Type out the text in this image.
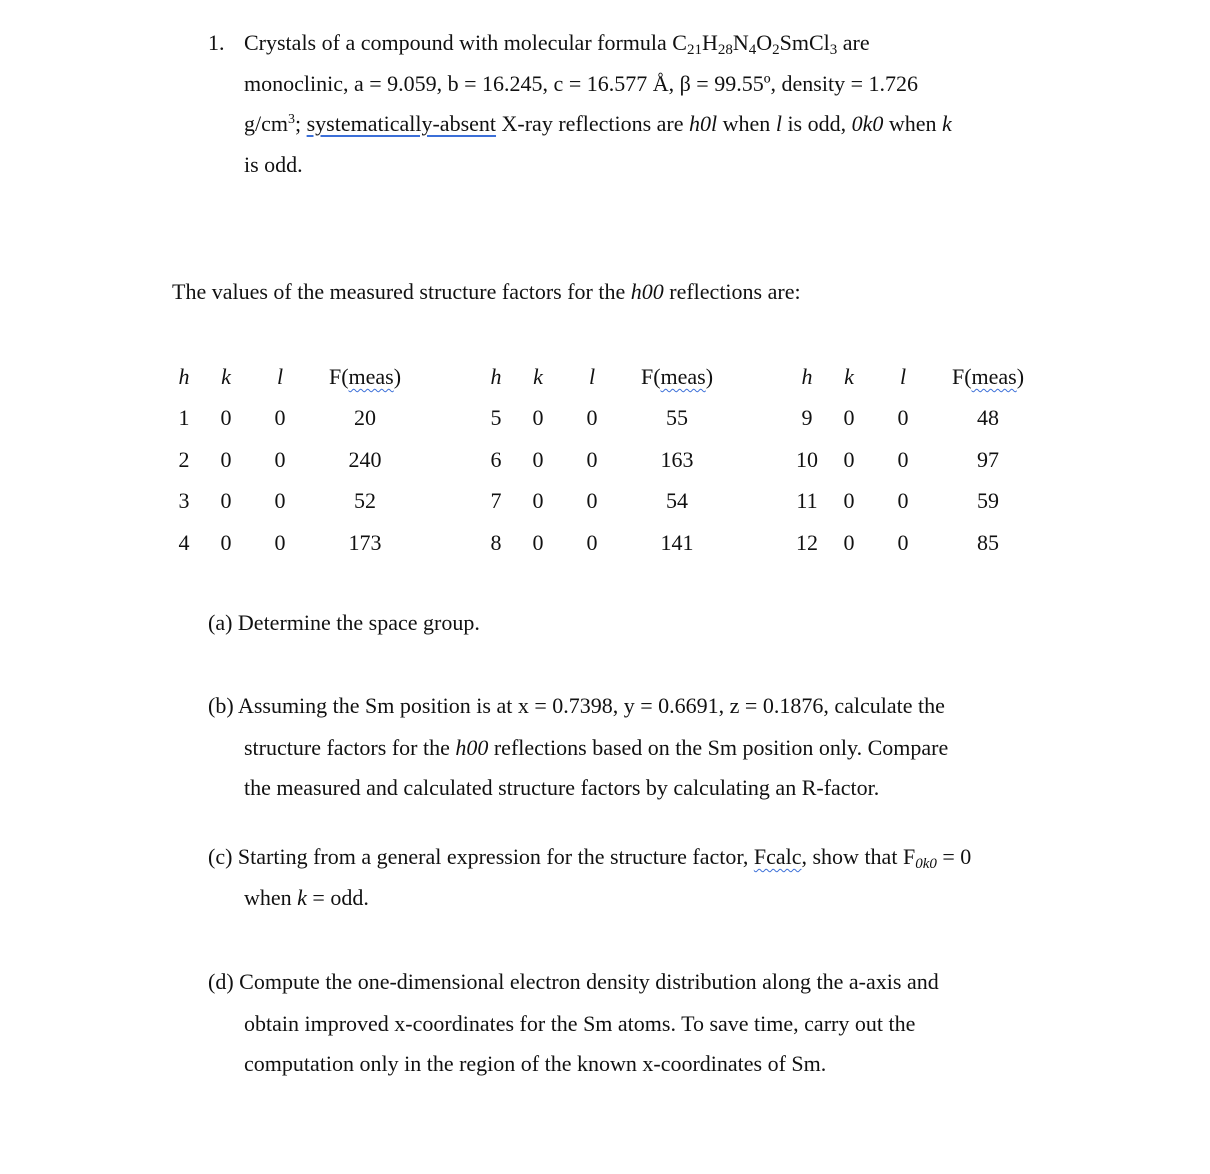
1. Crystals of a compound with molecular formula $C_{21}H_{28}N_4O_2SmCl_3$ are
monoclinic, a = 9.059, b = 16.245, c = 16.577 Å, β = 99.55º, density = 1.726
$g/cm^3$; systematically-absent X-ray reflections are h0l when l is odd, 0k0 when k
is odd.
The values of the measured structure factors for the h00 reflections are:
h	k	l	F(meas)
1	0	0	20
2	0	0	240
3	0	0	52
4	0	0	173
h	k	l	F(meas)
5	0	0	55
6	0	0	163
7	0	0	54
8	0	0	141
h	k	l	F(meas)
9	0	0	48
10	0	0	97
11	0	0	59
12	0	0	85
(a) Determine the space group.
(b) Assuming the Sm position is at x = 0.7398, y = 0.6691, z = 0.1876, calculate the
structure factors for the h00 reflections based on the Sm position only. Compare
the measured and calculated structure factors by calculating an R-factor.
(c) Starting from a general expression for the structure factor, Fcalc, show that $F_{0k0} = 0$
when k = odd.
(d) Compute the one-dimensional electron density distribution along the a-axis and
obtain improved x-coordinates for the Sm atoms. To save time, carry out the
computation only in the region of the known x-coordinates of Sm.
